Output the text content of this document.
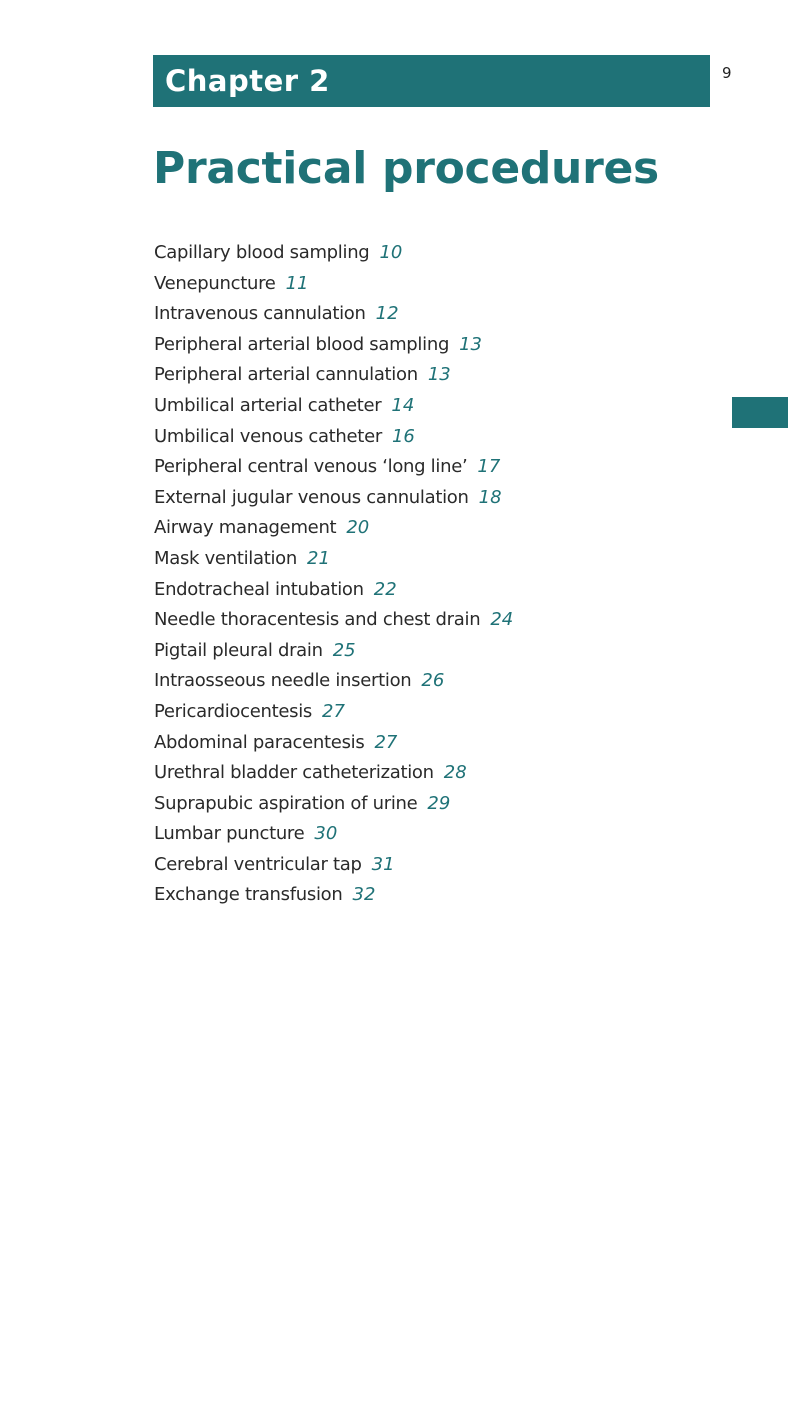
Chapter 2	9
Practical procedures
Capillary blood sampling 10
Venepuncture 11
Intravenous cannulation 12
Peripheral arterial blood sampling 13
Peripheral arterial cannulation 13
Umbilical arterial catheter 14
Umbilical venous catheter 16
Peripheral central venous ‘long line’ 17
External jugular venous cannulation 18
Airway management 20
Mask ventilation 21
Endotracheal intubation 22
Needle thoracentesis and chest drain 24
Pigtail pleural drain 25
Intraosseous needle insertion 26
Pericardiocentesis 27
Abdominal paracentesis 27
Urethral bladder catheterization 28
Suprapubic aspiration of urine 29
Lumbar puncture 30
Cerebral ventricular tap 31
Exchange transfusion 32
